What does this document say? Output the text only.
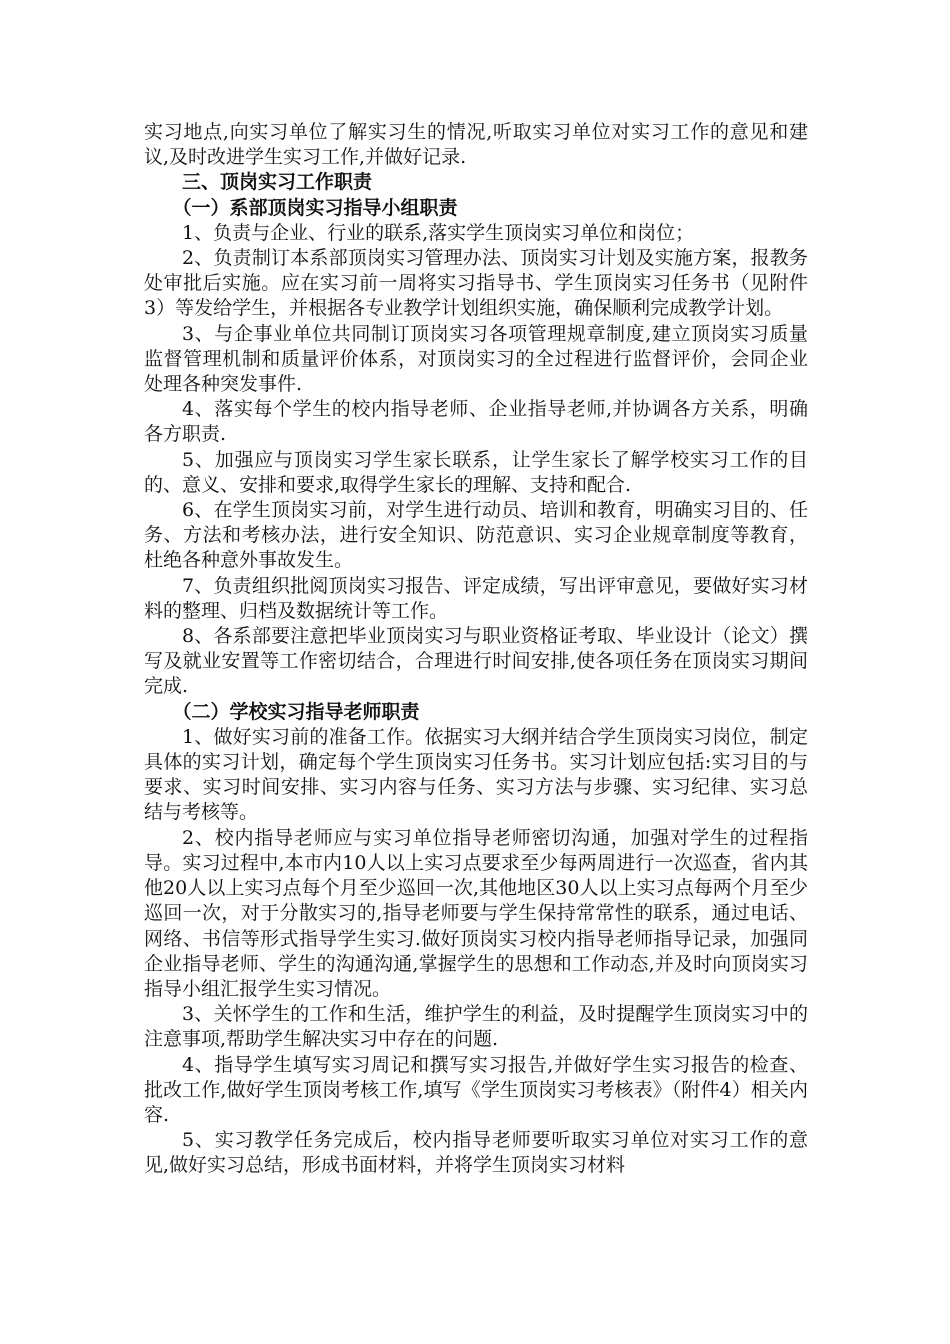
实习地点,向实习单位了解实习生的情况,听取实习单位对实习工作的意见和建议,及时改进学生实习工作,并做好记录.

三、顶岗实习工作职责
（一）系部顶岗实习指导小组职责

1、负责与企业、行业的联系,落实学生顶岗实习单位和岗位；

2、负责制订本系部顶岗实习管理办法、顶岗实习计划及实施方案，报教务处审批后实施。应在实习前一周将实习指导书、学生顶岗实习任务书（见附件3）等发给学生，并根据各专业教学计划组织实施，确保顺利完成教学计划。

3、与企事业单位共同制订顶岗实习各项管理规章制度,建立顶岗实习质量监督管理机制和质量评价体系，对顶岗实习的全过程进行监督评价，会同企业处理各种突发事件.

4、落实每个学生的校内指导老师、企业指导老师,并协调各方关系，明确各方职责.

5、加强应与顶岗实习学生家长联系，让学生家长了解学校实习工作的目的、意义、安排和要求,取得学生家长的理解、支持和配合.

6、在学生顶岗实习前，对学生进行动员、培训和教育，明确实习目的、任务、方法和考核办法，进行安全知识、防范意识、实习企业规章制度等教育，杜绝各种意外事故发生。

7、负责组织批阅顶岗实习报告、评定成绩，写出评审意见，要做好实习材料的整理、归档及数据统计等工作。

8、各系部要注意把毕业顶岗实习与职业资格证考取、毕业设计（论文）撰写及就业安置等工作密切结合，合理进行时间安排,使各项任务在顶岗实习期间完成.

（二）学校实习指导老师职责

1、做好实习前的准备工作。依据实习大纲并结合学生顶岗实习岗位，制定具体的实习计划，确定每个学生顶岗实习任务书。实习计划应包括:实习目的与要求、实习时间安排、实习内容与任务、实习方法与步骤、实习纪律、实习总结与考核等。

2、校内指导老师应与实习单位指导老师密切沟通，加强对学生的过程指导。实习过程中,本市内10人以上实习点要求至少每两周进行一次巡查，省内其他20人以上实习点每个月至少巡回一次,其他地区30人以上实习点每两个月至少巡回一次，对于分散实习的,指导老师要与学生保持常常性的联系，通过电话、网络、书信等形式指导学生实习.做好顶岗实习校内指导老师指导记录，加强同企业指导老师、学生的沟通沟通,掌握学生的思想和工作动态,并及时向顶岗实习指导小组汇报学生实习情况。

3、关怀学生的工作和生活，维护学生的利益，及时提醒学生顶岗实习中的注意事项,帮助学生解决实习中存在的问题.

4、指导学生填写实习周记和撰写实习报告,并做好学生实习报告的检查、批改工作,做好学生顶岗考核工作,填写《学生顶岗实习考核表》（附件4）相关内容.

5、实习教学任务完成后，校内指导老师要听取实习单位对实习工作的意见,做好实习总结，形成书面材料，并将学生顶岗实习材料
